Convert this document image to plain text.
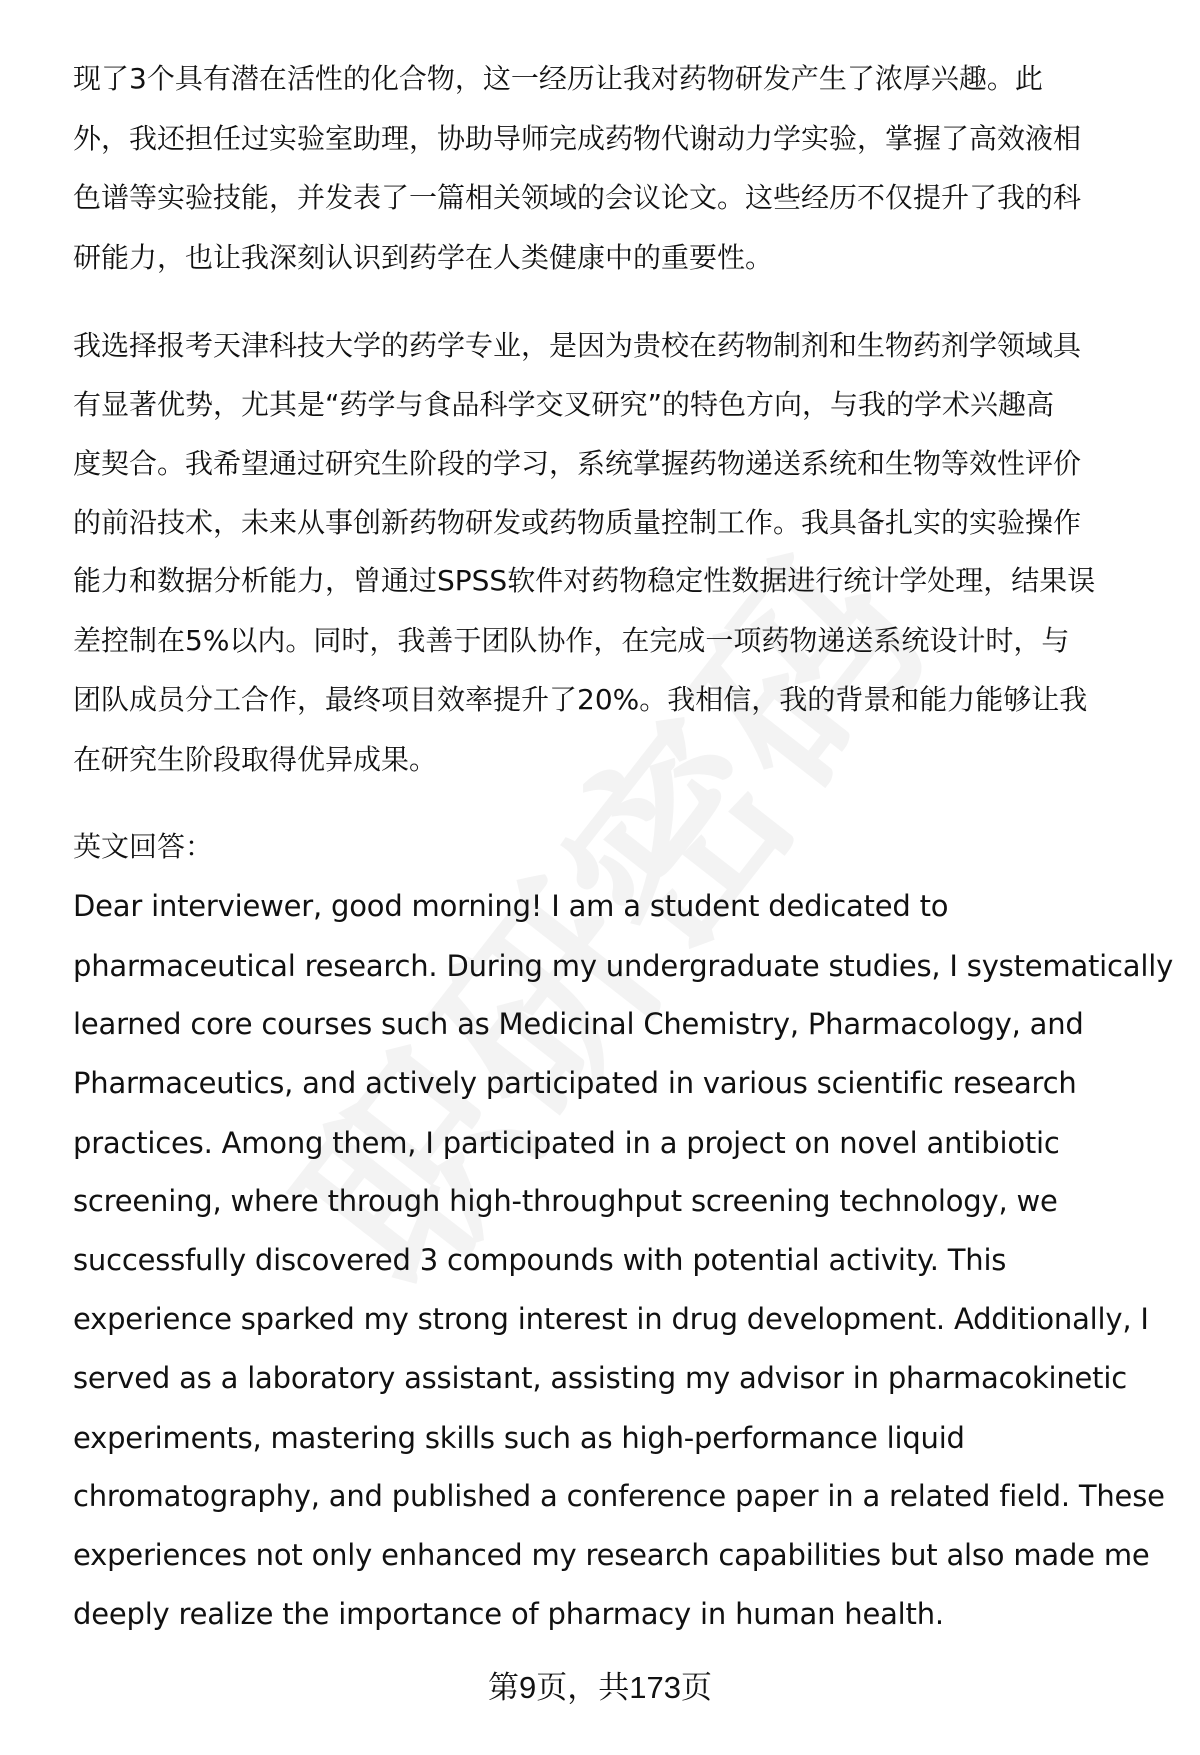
现了3个具有潜在活性的化合物，这一经历让我对药物研发产生了浓厚兴趣。此
外，我还担任过实验室助理，协助导师完成药物代谢动力学实验，掌握了高效液相
色谱等实验技能，并发表了一篇相关领域的会议论文。这些经历不仅提升了我的科
研能力，也让我深刻认识到药学在人类健康中的重要性。
我选择报考天津科技大学的药学专业，是因为贵校在药物制剂和生物药剂学领域具
有显著优势，尤其是“药学与食品科学交叉研究”的特色方向，与我的学术兴趣高
度契合。我希望通过研究生阶段的学习，系统掌握药物递送系统和生物等效性评价
的前沿技术，未来从事创新药物研发或药物质量控制工作。我具备扎实的实验操作
能力和数据分析能力，曾通过SPSS软件对药物稳定性数据进行统计学处理，结果误
差控制在5%以内。同时，我善于团队协作，在完成一项药物递送系统设计时，与
团队成员分工合作，最终项目效率提升了20%。我相信，我的背景和能力能够让我
在研究生阶段取得优异成果。
英文回答：
Dear interviewer, good morning! I am a student dedicated to
pharmaceutical research. During my undergraduate studies, I systematically
learned core courses such as Medicinal Chemistry, Pharmacology, and
Pharmaceutics, and actively participated in various scientific research
practices. Among them, I participated in a project on novel antibiotic
screening, where through high-throughput screening technology, we
successfully discovered 3 compounds with potential activity. This
experience sparked my strong interest in drug development. Additionally, I
served as a laboratory assistant, assisting my advisor in pharmacokinetic
experiments, mastering skills such as high-performance liquid
chromatography, and published a conference paper in a related field. These
experiences not only enhanced my research capabilities but also made me
deeply realize the importance of pharmacy in human health.
第9页，共173页
